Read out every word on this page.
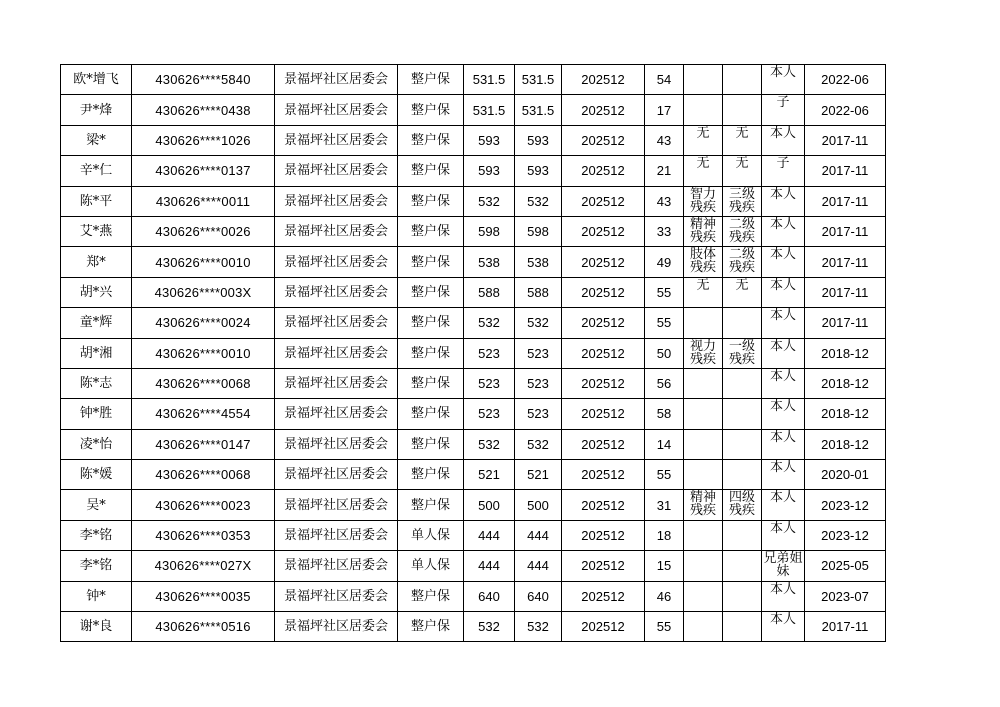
欧*增飞	430626****5840	景福坪社区居委会	整户保	531.5	531.5	202512	54			本人	2022-06
尹*烽	430626****0438	景福坪社区居委会	整户保	531.5	531.5	202512	17			子	2022-06
梁*	430626****1026	景福坪社区居委会	整户保	593	593	202512	43	无	无	本人	2017-11
辛*仁	430626****0137	景福坪社区居委会	整户保	593	593	202512	21	无	无	子	2017-11
陈*平	430626****0011	景福坪社区居委会	整户保	532	532	202512	43	智力残疾	三级残疾	本人	2017-11
艾*燕	430626****0026	景福坪社区居委会	整户保	598	598	202512	33	精神残疾	二级残疾	本人	2017-11
郑*	430626****0010	景福坪社区居委会	整户保	538	538	202512	49	肢体残疾	二级残疾	本人	2017-11
胡*兴	430626****003X	景福坪社区居委会	整户保	588	588	202512	55	无	无	本人	2017-11
童*辉	430626****0024	景福坪社区居委会	整户保	532	532	202512	55			本人	2017-11
胡*湘	430626****0010	景福坪社区居委会	整户保	523	523	202512	50	视力残疾	一级残疾	本人	2018-12
陈*志	430626****0068	景福坪社区居委会	整户保	523	523	202512	56			本人	2018-12
钟*胜	430626****4554	景福坪社区居委会	整户保	523	523	202512	58			本人	2018-12
凌*怡	430626****0147	景福坪社区居委会	整户保	532	532	202512	14			本人	2018-12
陈*媛	430626****0068	景福坪社区居委会	整户保	521	521	202512	55			本人	2020-01
吴*	430626****0023	景福坪社区居委会	整户保	500	500	202512	31	精神残疾	四级残疾	本人	2023-12
李*铭	430626****0353	景福坪社区居委会	单人保	444	444	202512	18			本人	2023-12
李*铭	430626****027X	景福坪社区居委会	单人保	444	444	202512	15			兄弟姐妹	2025-05
钟*	430626****0035	景福坪社区居委会	整户保	640	640	202512	46			本人	2023-07
谢*良	430626****0516	景福坪社区居委会	整户保	532	532	202512	55			本人	2017-11
